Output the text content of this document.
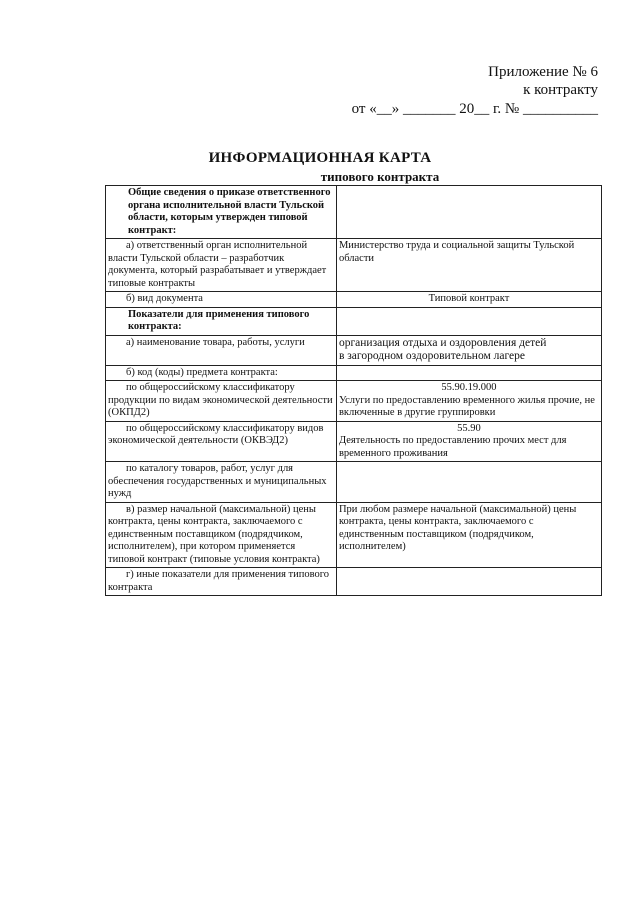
Приложение № 6
к контракту
от «__» _______ 20__ г. № __________
ИНФОРМАЦИОННАЯ КАРТА
типового контракта
Общие сведения о приказе ответственного органа исполнительной власти Тульской области, которым утвержден типовой контракт:	

а) ответственный орган исполнительной власти Тульской области – разработчик документа, который разрабатывает и утверждает типовые контракты	Министерство труда и социальной защиты Тульской области

б) вид документа	Типовой контракт
Показатели для применения типового контракта:	

а) наименование товара, работы, услуги	организация отдыха и оздоровления детей
в загородном оздоровительном лагере

б) код (коды) предмета контракта:	

по общероссийскому классификатору продукции по видам экономической деятельности (ОКПД2)	55.90.19.000
Услуги по предоставлению временного жилья прочие, не включенные в другие группировки

по общероссийскому классификатору видов экономической деятельности (ОКВЭД2)	55.90
Деятельность по предоставлению прочих мест для временного проживания

по каталогу товаров, работ, услуг для обеспечения государственных и муниципальных нужд	

в) размер начальной (максимальной) цены контракта, цены контракта, заключаемого с единственным поставщиком (подрядчиком, исполнителем), при котором применяется типовой контракт (типовые условия контракта)	При любом размере начальной (максимальной) цены контракта, цены контракта, заключаемого с единственным поставщиком (подрядчиком, исполнителем)

г) иные показатели для применения типового контракта	
